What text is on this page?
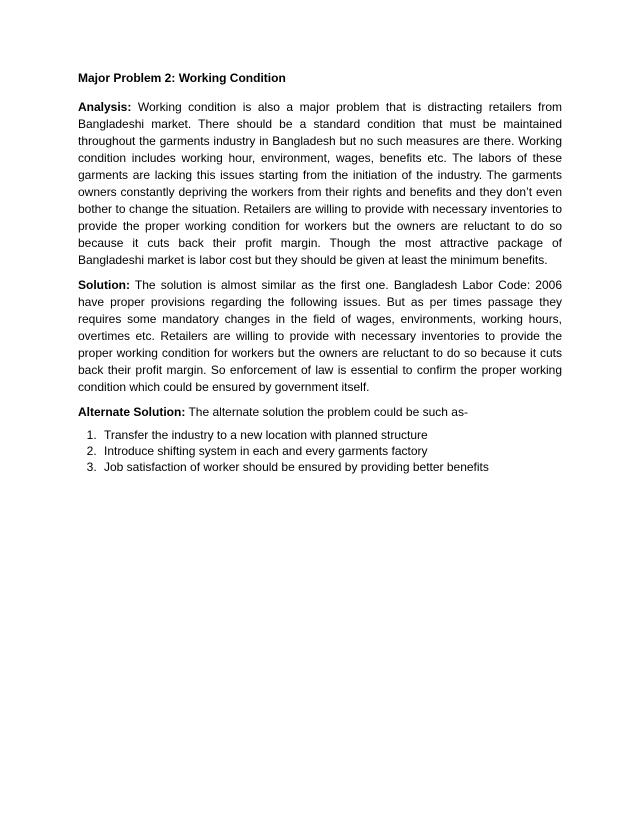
Major Problem 2: Working Condition

Analysis: Working condition is also a major problem that is distracting retailers from Bangladeshi market. There should be a standard condition that must be maintained throughout the garments industry in Bangladesh but no such measures are there. Working condition includes working hour, environment, wages, benefits etc. The labors of these garments are lacking this issues starting from the initiation of the industry. The garments owners constantly depriving the workers from their rights and benefits and they don’t even bother to change the situation. Retailers are willing to provide with necessary inventories to provide the proper working condition for workers but the owners are reluctant to do so because it cuts back their profit margin. Though the most attractive package of Bangladeshi market is labor cost but they should be given at least the minimum benefits.

Solution: The solution is almost similar as the first one. Bangladesh Labor Code: 2006 have proper provisions regarding the following issues. But as per times passage they requires some mandatory changes in the field of wages, environments, working hours, overtimes etc. Retailers are willing to provide with necessary inventories to provide the proper working condition for workers but the owners are reluctant to do so because it cuts back their profit margin. So enforcement of law is essential to confirm the proper working condition which could be ensured by government itself.

Alternate Solution: The alternate solution the problem could be such as-

1. Transfer the industry to a new location with planned structure
2. Introduce shifting system in each and every garments factory
3. Job satisfaction of worker should be ensured by providing better benefits
